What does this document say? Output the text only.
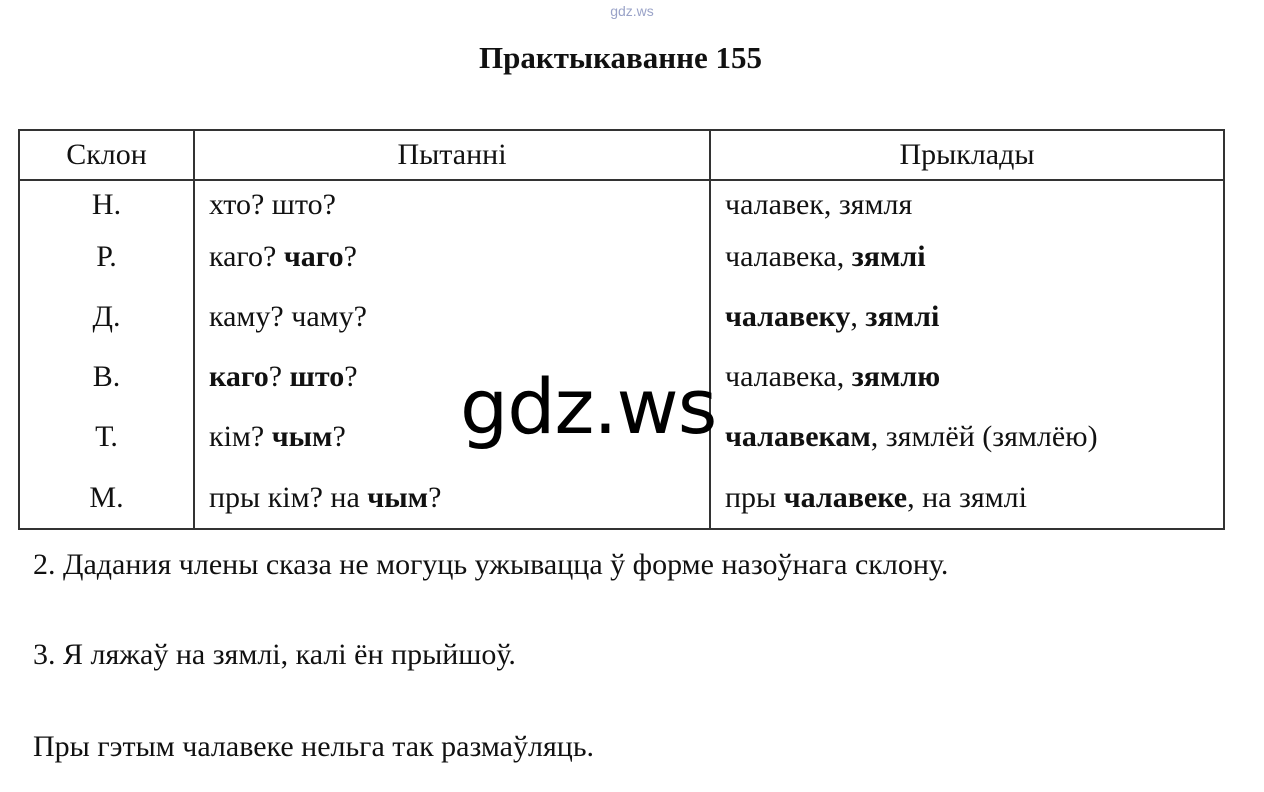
gdz.ws
Практыкаванне 155
Склон	Пытанні	Прыклады
Н.	хто? што?	чалавек, зямля
Р.	каго? чаго?	чалавека, зямлі
Д.	каму? чаму?	чалавеку, зямлі
В.	каго? што?	чалавека, зямлю
Т.	кім? чым?	чалавекам, зямлёй (зямлёю)
М.	пры кім? на чым?	пры чалавеке, на зямлі
2. Дадания члены сказа не могуць ужывацца ў форме назоўнага склону.
3. Я ляжаў на зямлі, калі ён прыйшоў.
Пры гэтым чалавеке нельга так размаўляць.
gdz.ws
